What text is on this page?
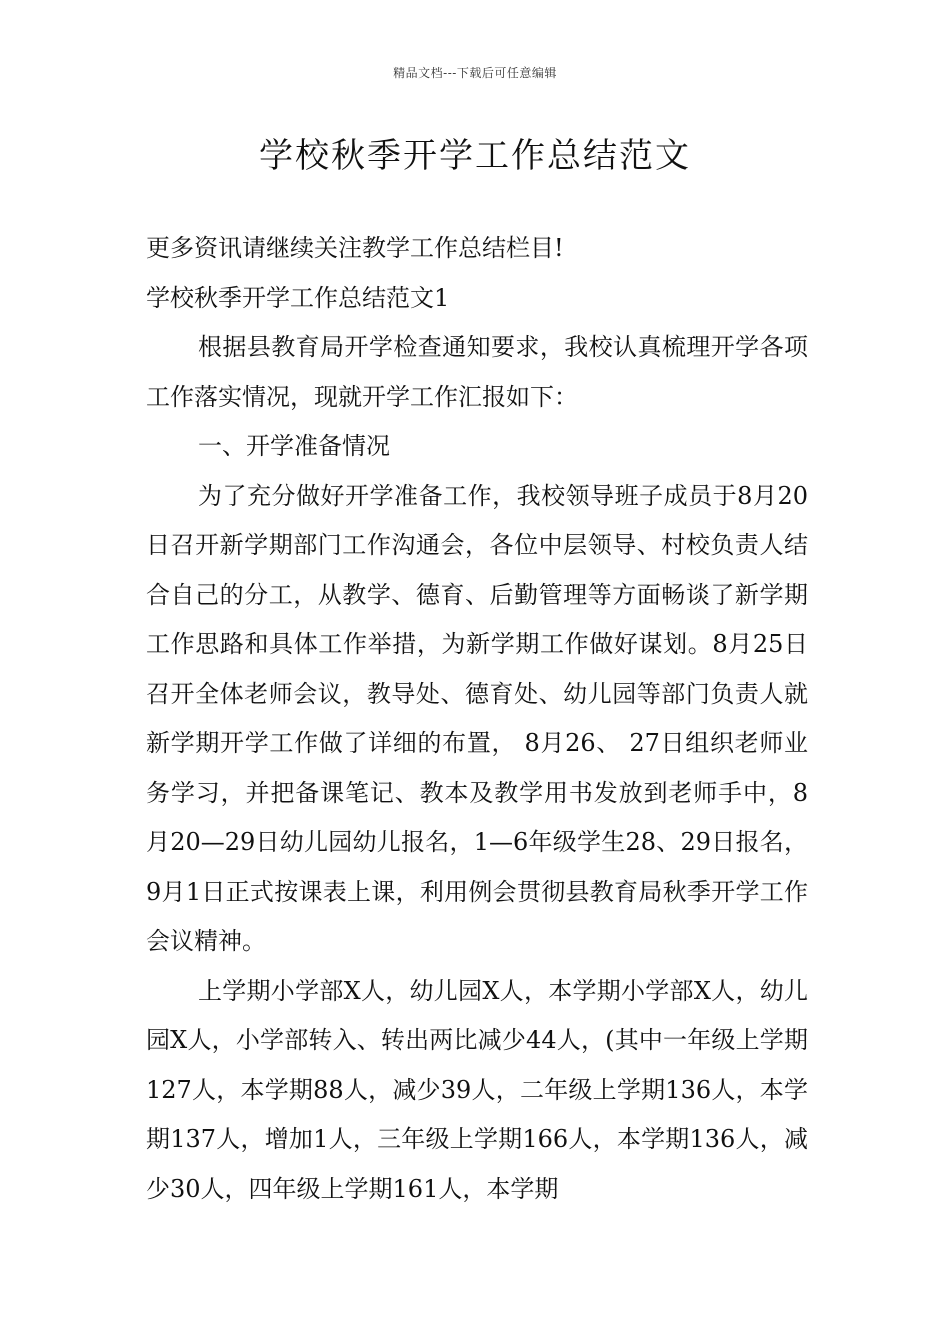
精品文档---下载后可任意编辑
学校秋季开学工作总结范文

更多资讯请继续关注教学工作总结栏目!

学校秋季开学工作总结范文1

根据县教育局开学检查通知要求，我校认真梳理开学各项工作落实情况，现就开学工作汇报如下：

一、开学准备情况

为了充分做好开学准备工作，我校领导班子成员于8月20日召开新学期部门工作沟通会，各位中层领导、村校负责人结合自己的分工，从教学、德育、后勤管理等方面畅谈了新学期工作思路和具体工作举措，为新学期工作做好谋划。8月25日召开全体老师会议，教导处、德育处、幼儿园等部门负责人就新学期开学工作做了详细的布置， 8月26、 27日组织老师业务学习，并把备课笔记、教本及教学用书发放到老师手中，8月20—29日幼儿园幼儿报名，1—6年级学生28、29日报名，9月1日正式按课表上课，利用例会贯彻县教育局秋季开学工作会议精神。

上学期小学部X人，幼儿园X人，本学期小学部X人，幼儿园X人，小学部转入、转出两比减少44人，(其中一年级上学期127人，本学期88人，减少39人，二年级上学期136人，本学期137人，增加1人，三年级上学期166人，本学期136人，减少30人，四年级上学期161人，本学期
